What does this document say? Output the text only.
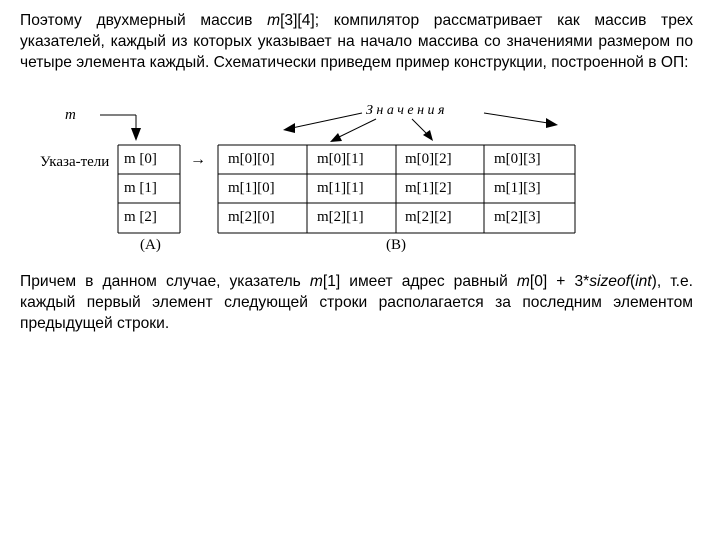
Поэтому двухмерный массив m[3][4]; компилятор рассматривает как массив трех указателей, каждый из которых указывает на начало массива со значениями размером по четыре элемента каждый. Схематически приведем пример конструкции, построенной в ОП:
m	Значения
Указа-тели	→
m [0]
m [1]
m [2]
m[0][0]	m[0][1]	m[0][2]	m[0][3]
m[1][0]	m[1][1]	m[1][2]	m[1][3]
m[2][0]	m[2][1]	m[2][2]	m[2][3]
(A)	(B)
Причем в данном случае, указатель m[1] имеет адрес равный m[0] + 3*sizeof(int), т.е. каждый первый элемент следующей строки располагается за последним элементом предыдущей строки.
